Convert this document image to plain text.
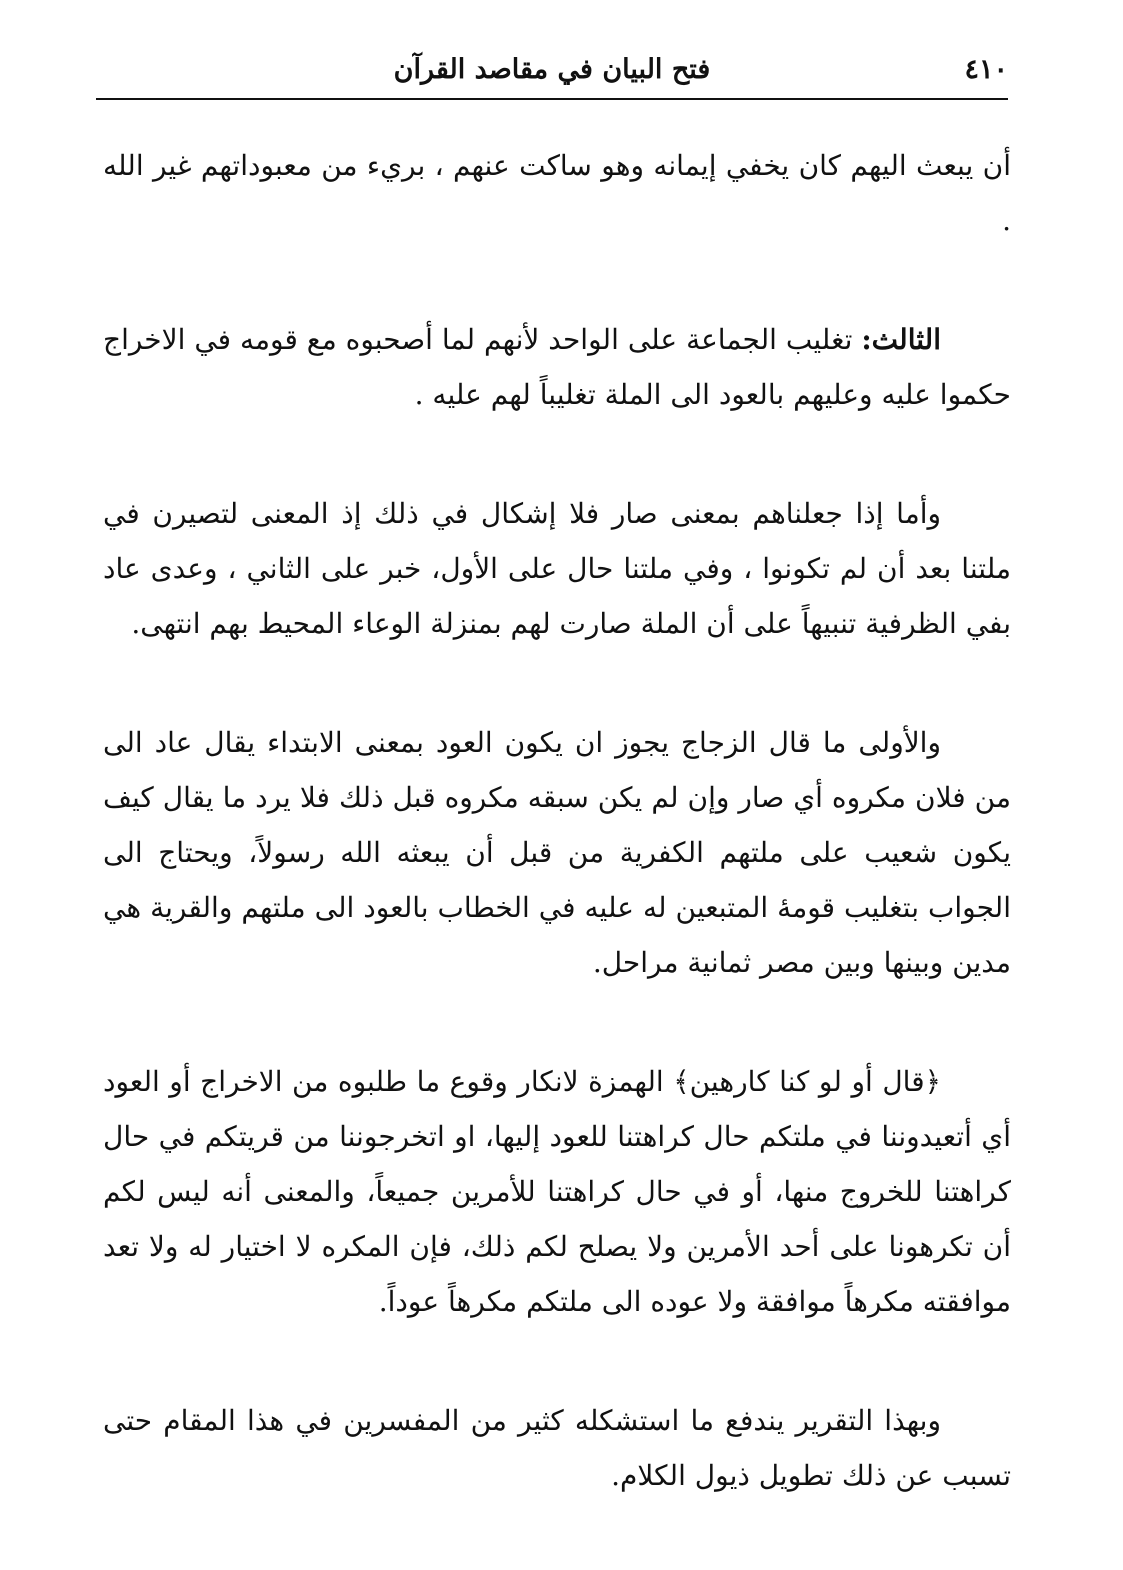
فتح البيان في مقاصد القرآن	٤١٠

أن يبعث اليهم كان يخفي إيمانه وهو ساكت عنهم ، بريء من معبوداتهم غير الله .

الثالث: تغليب الجماعة على الواحد لأنهم لما أصحبوه مع قومه في الاخراج حكموا عليه وعليهم بالعود الى الملة تغليباً لهم عليه .

وأما إذا جعلناهم بمعنى صار فلا إشكال في ذلك إذ المعنى لتصيرن في ملتنا بعد أن لم تكونوا ، وفي ملتنا حال على الأول، خبر على الثاني ، وعدى عاد بفي الظرفية تنبيهاً على أن الملة صارت لهم بمنزلة الوعاء المحيط بهم انتهى.

والأولى ما قال الزجاج يجوز ان يكون العود بمعنى الابتداء يقال عاد الى من فلان مكروه أي صار وإن لم يكن سبقه مكروه قبل ذلك فلا يرد ما يقال كيف يكون شعيب على ملتهم الكفرية من قبل أن يبعثه الله رسولاً، ويحتاج الى الجواب بتغليب قومهٔ المتبعين له عليه في الخطاب بالعود الى ملتهم والقرية هي مدين وبينها وبين مصر ثمانية مراحل.

﴿قال أو لو كنا كارهين﴾ الهمزة لانكار وقوع ما طلبوه من الاخراج أو العود أي أتعيدوننا في ملتكم حال كراهتنا للعود إليها، او اتخرجوننا من قريتكم في حال كراهتنا للخروج منها، أو في حال كراهتنا للأمرين جميعاً، والمعنى أنه ليس لكم أن تكرهونا على أحد الأمرين ولا يصلح لكم ذلك، فإن المكره لا اختيار له ولا تعد موافقته مكرهاً موافقة ولا عوده الى ملتكم مكرهاً عوداً.

وبهذا التقرير يندفع ما استشكله كثير من المفسرين في هذا المقام حتى تسبب عن ذلك تطويل ذيول الكلام.
